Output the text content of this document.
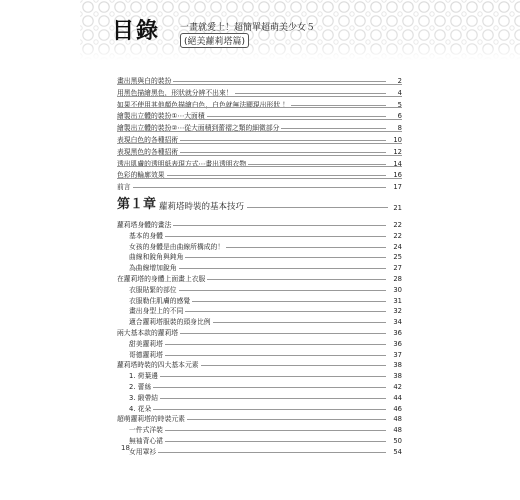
目錄 一畫就愛上！超簡單超萌美少女５
(絕美蘿莉塔篇)
畫出黑與白的裝扮	2
用黑色描繪黑色，形狀就分辨不出來！	4
如果不使用其他顏色描繪白色，白色就無法顯現出形狀 ！	5
繪製出立體的裝扮①⋯大面積	6
繪製出立體的裝扮②⋯從大面積到蕾褶之類的細微部分	8
表現白色的各種招術	10
表現黑色的各種招術	12
透出肌膚的透明紙表現方式⋯畫出透明衣物	14
色彩的輪廓效果	16
前言	17
第１章 蘿莉塔時裝的基本技巧	21
蘿莉塔身體的畫法	22
基本的身體	22
女孩的身體是由曲線所構成的！	24
曲線和銳角與鈍角	25
為曲線增加銳角	27
在蘿莉塔的身體上面畫上衣服	28
衣服貼緊的部位	30
衣服勒住肌膚的感覺	31
畫出身型上的不同	32
適合蘿莉塔服裝的頭身比例	34
兩大基本款的蘿莉塔	36
甜美蘿莉塔	36
哥德蘿莉塔	37
蘿莉塔時裝的四大基本元素	38
1. 荷葉邊	38
2. 蕾絲	42
3. 緞帶結	44
4. 花朵	46
超萌蘿莉塔的時裝元素	48
一件式洋裝	48
無袖背心裙	50
女用罩衫	54
18
